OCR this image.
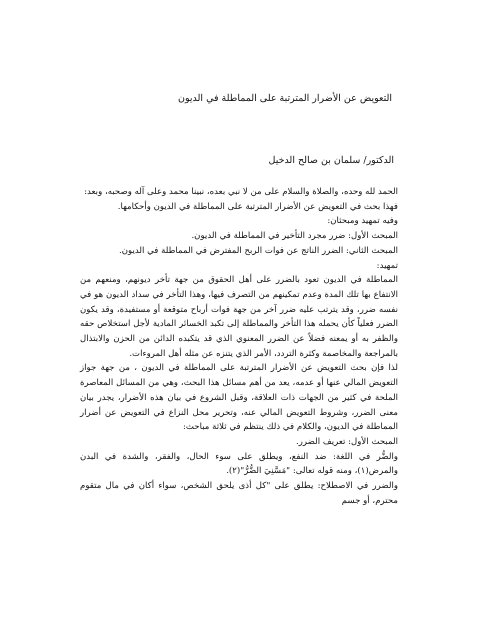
التعويض عن الأضرار المترتبة على المماطلة في الديون
الدكتور/ سلمان بن صالح الدخيل

الحمد لله وحده، والصلاة والسلام على من لا نبي بعده، نبينا محمد وعلى آله وصحبه، وبعد:

فهذا بحث في التعويض عن الأضرار المترتبة على المماطلة في الديون وأحكامها.

وفيه تمهيد ومبحثان:

المبحث الأول: ضرر مجرد التأخير في المماطلة في الديون.

المبحث الثاني: الضرر الناتج عن فوات الربح المفترض في المماطلة في الديون.

تمهيد:

المماطلة في الديون تعود بالضرر على أهل الحقوق من جهة تأخر ديونهم، ومنعهم من الانتفاع بها تلك المدة وعدم تمكينهم من التصرف فيها، وهذا التأخر في سداد الديون هو في نفسه ضرر، وقد يترتب عليه ضرر آخر من جهة فوات أرباح متوقعة أو مستفيدة، وقد يكون الضرر فعلياً كأن يحمله هذا التأخر والمماطلة إلى تكبد الخسائر المادية لأجل استخلاص حقه والظفر به أو يمعنه فضلاً عن الضرر المعنوي الذي قد يتكبده الدائن من الحزن والابتذال بالمراجعة والمخاصمة وكثرة التردد، الأمر الذي يتنزه عن مثله أهل المروءات.

لذا فإن بحث التعويض عن الأضرار المترتبة على المماطلة في الديون ، من جهة جواز التعويض المالي عنها أو عدمه، يعد من أهم مسائل هذا البحث، وهي من المسائل المعاصرة الملحة في كثير من الجهات ذات العلاقة، وقبل الشروع في بيان هذه الأضرار، يجدر بيان معنى الضرر، وشروط التعويض المالي عنه، وتحرير محل النزاع في التعويض عن أضرار المماطلة في الديون، والكلام في ذلك ينتظم في ثلاثة مباحث:

المبحث الأول: تعريف الضرر.

والضُّر في اللغة: ضد النفع، ويطلق على سوء الحال، والفقر، والشدة في البدن والمرض(١)، ومنه قوله تعالى: "مَسَّنِيَ الضُّرُّ"(٢).

والضرر في الاصطلاح: يطلق على "كل أذى يلحق الشخص، سواء أكان في مال متقوم محترم، أو جسم
